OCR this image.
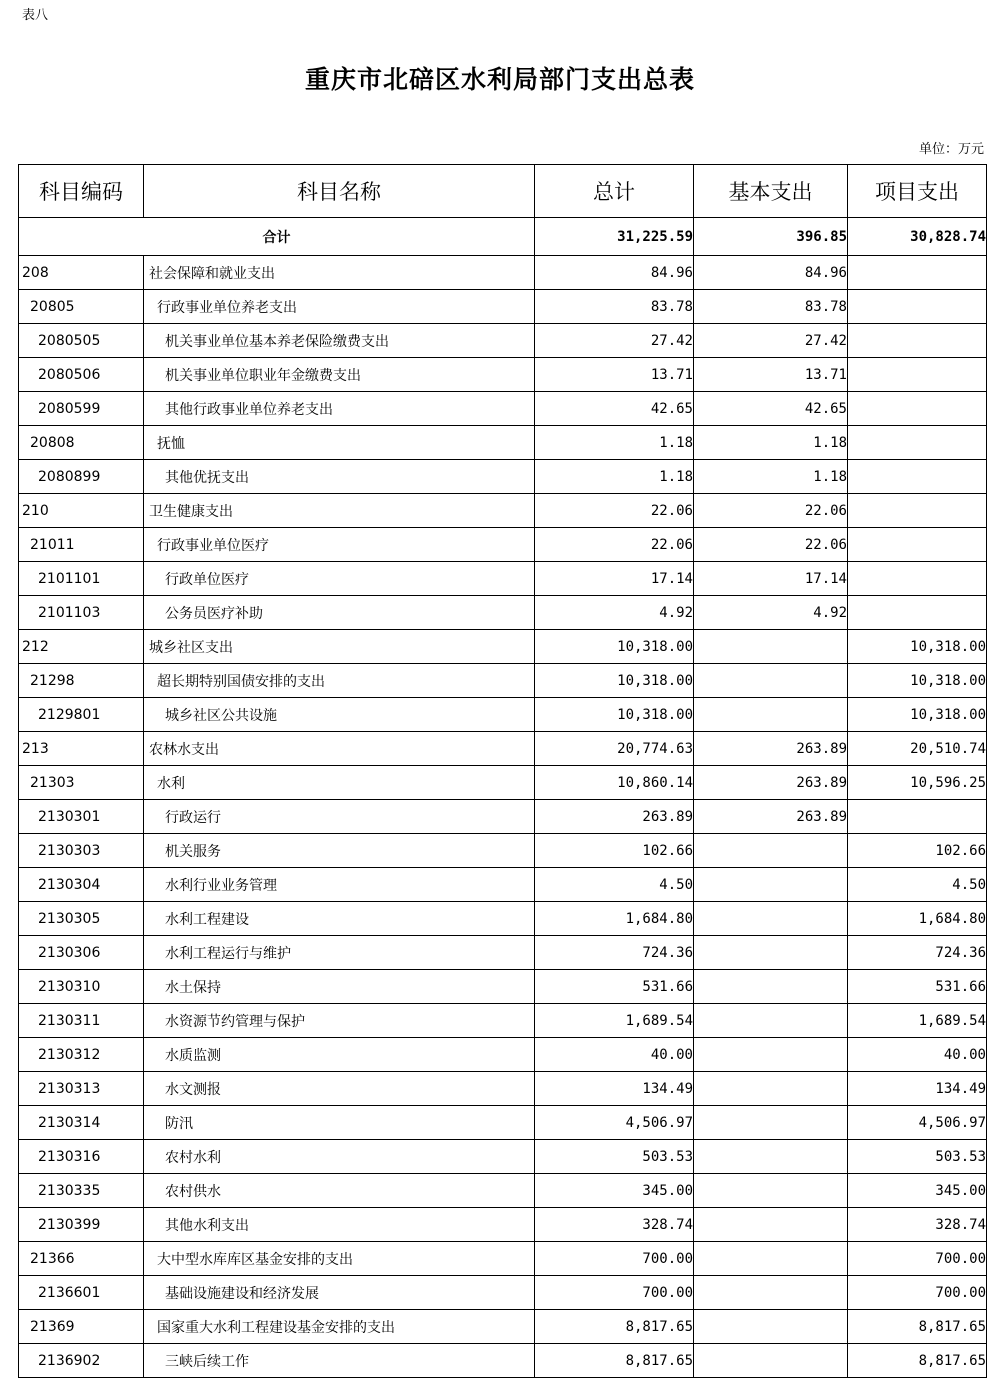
表八
重庆市北碚区水利局部门支出总表
单位：万元
科目编码	科目名称	总计	基本支出	项目支出
合计		31,225.59	396.85	30,828.74
208	社会保障和就业支出	84.96	84.96	
20805	行政事业单位养老支出	83.78	83.78	
2080505	机关事业单位基本养老保险缴费支出	27.42	27.42	
2080506	机关事业单位职业年金缴费支出	13.71	13.71	
2080599	其他行政事业单位养老支出	42.65	42.65	
20808	抚恤	1.18	1.18	
2080899	其他优抚支出	1.18	1.18	
210	卫生健康支出	22.06	22.06	
21011	行政事业单位医疗	22.06	22.06	
2101101	行政单位医疗	17.14	17.14	
2101103	公务员医疗补助	4.92	4.92	
212	城乡社区支出	10,318.00		10,318.00
21298	超长期特别国债安排的支出	10,318.00		10,318.00
2129801	城乡社区公共设施	10,318.00		10,318.00
213	农林水支出	20,774.63	263.89	20,510.74
21303	水利	10,860.14	263.89	10,596.25
2130301	行政运行	263.89	263.89	
2130303	机关服务	102.66		102.66
2130304	水利行业业务管理	4.50		4.50
2130305	水利工程建设	1,684.80		1,684.80
2130306	水利工程运行与维护	724.36		724.36
2130310	水土保持	531.66		531.66
2130311	水资源节约管理与保护	1,689.54		1,689.54
2130312	水质监测	40.00		40.00
2130313	水文测报	134.49		134.49
2130314	防汛	4,506.97		4,506.97
2130316	农村水利	503.53		503.53
2130335	农村供水	345.00		345.00
2130399	其他水利支出	328.74		328.74
21366	大中型水库库区基金安排的支出	700.00		700.00
2136601	基础设施建设和经济发展	700.00		700.00
21369	国家重大水利工程建设基金安排的支出	8,817.65		8,817.65
2136902	三峡后续工作	8,817.65		8,817.65
